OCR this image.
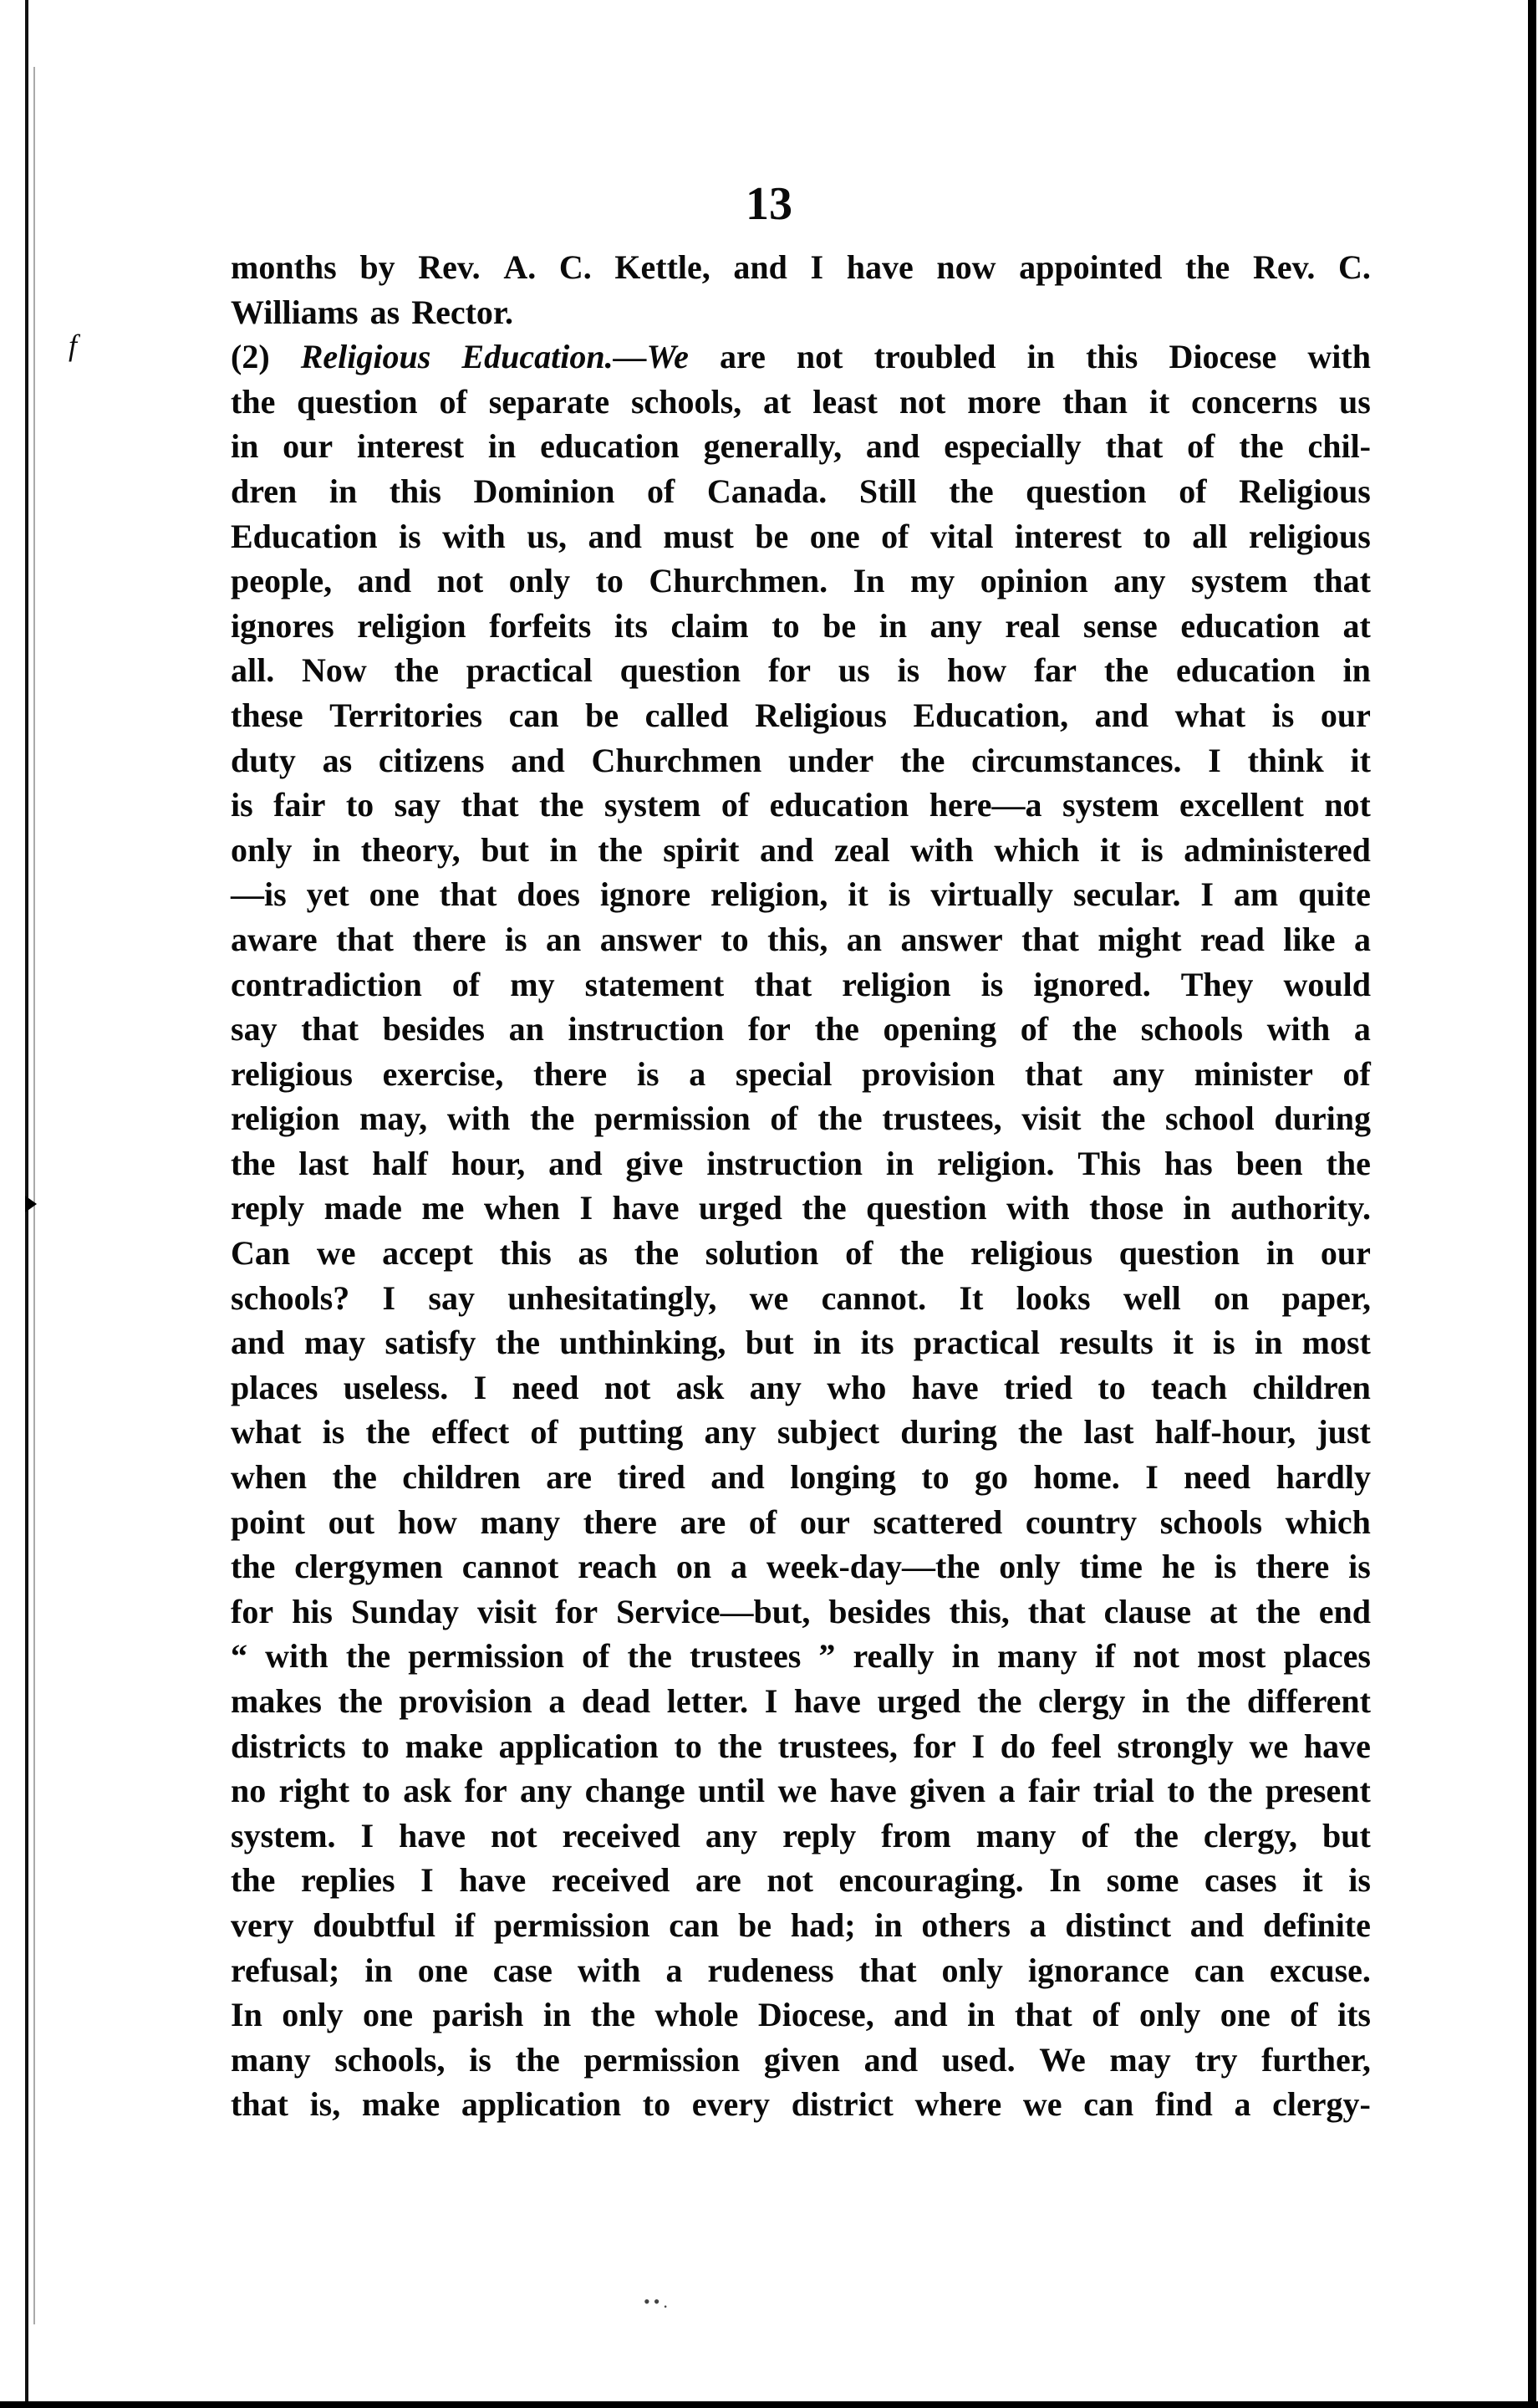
f
13
months by Rev. A. C. Kettle, and I have now appointed the Rev. C.
Williams as Rector.
(2) Religious Education.—We are not troubled in this Diocese with
the question of separate schools, at least not more than it concerns us
in our interest in education generally, and especially that of the chil-
dren in this Dominion of Canada. Still the question of Religious
Education is with us, and must be one of vital interest to all religious
people, and not only to Churchmen. In my opinion any system that
ignores religion forfeits its claim to be in any real sense education at
all. Now the practical question for us is how far the education in
these Territories can be called Religious Education, and what is our
duty as citizens and Churchmen under the circumstances. I think it
is fair to say that the system of education here—a system excellent not
only in theory, but in the spirit and zeal with which it is administered
—is yet one that does ignore religion, it is virtually secular. I am quite
aware that there is an answer to this, an answer that might read like a
contradiction of my statement that religion is ignored. They would
say that besides an instruction for the opening of the schools with a
religious exercise, there is a special provision that any minister of
religion may, with the permission of the trustees, visit the school during
the last half hour, and give instruction in religion. This has been the
reply made me when I have urged the question with those in authority.
Can we accept this as the solution of the religious question in our
schools? I say unhesitatingly, we cannot. It looks well on paper,
and may satisfy the unthinking, but in its practical results it is in most
places useless. I need not ask any who have tried to teach children
what is the effect of putting any subject during the last half-hour, just
when the children are tired and longing to go home. I need hardly
point out how many there are of our scattered country schools which
the clergymen cannot reach on a week-day—the only time he is there is
for his Sunday visit for Service—but, besides this, that clause at the end
“ with the permission of the trustees ” really in many if not most places
makes the provision a dead letter. I have urged the clergy in the different
districts to make application to the trustees, for I do feel strongly we have
no right to ask for any change until we have given a fair trial to the present
system. I have not received any reply from many of the clergy, but
the replies I have received are not encouraging. In some cases it is
very doubtful if permission can be had; in others a distinct and definite
refusal; in one case with a rudeness that only ignorance can excuse.
In only one parish in the whole Diocese, and in that of only one of its
many schools, is the permission given and used. We may try further,
that is, make application to every district where we can find a clergy-
••.
